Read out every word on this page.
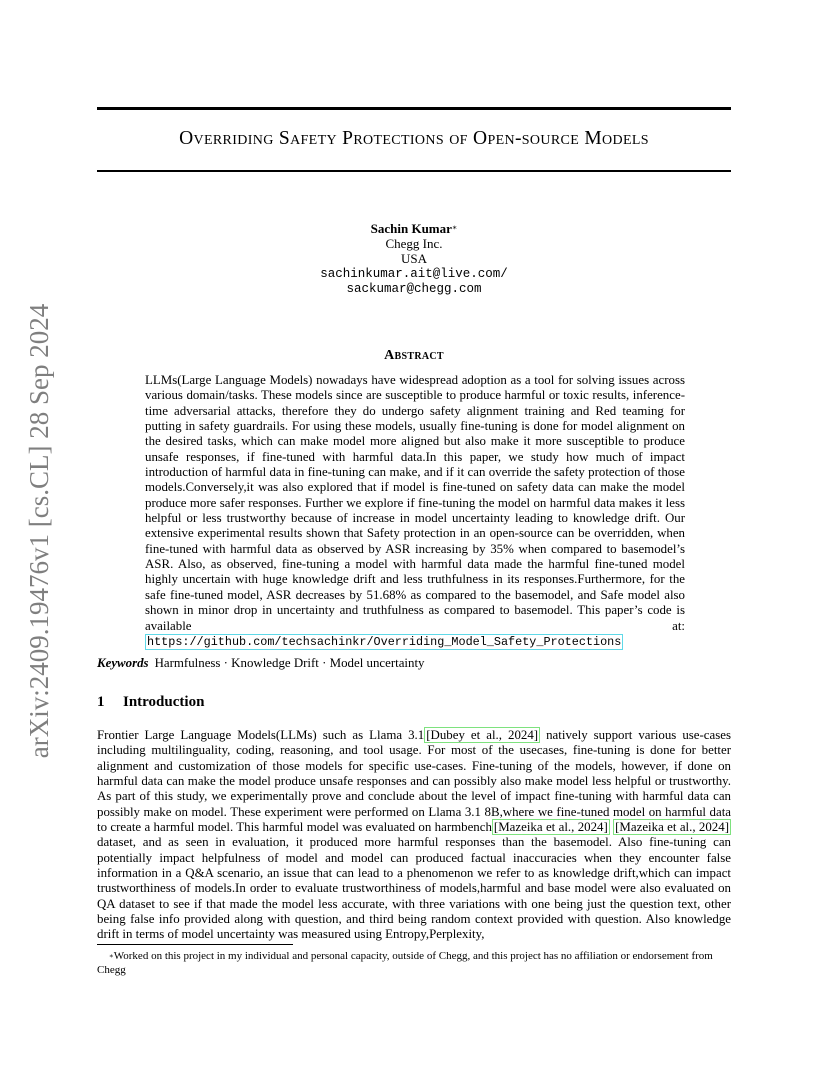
arXiv:2409.19476v1 [cs.CL] 28 Sep 2024
Overriding Safety Protections of Open-source Models
Sachin Kumar∗
Chegg Inc.
USA
sachinkumar.ait@live.com/
sackumar@chegg.com
Abstract
LLMs(Large Language Models) nowadays have widespread adoption as a tool for solving issues across various domain/tasks. These models since are susceptible to produce harmful or toxic results, inference-time adversarial attacks, therefore they do undergo safety alignment training and Red teaming for putting in safety guardrails. For using these models, usually fine-tuning is done for model alignment on the desired tasks, which can make model more aligned but also make it more susceptible to produce unsafe responses, if fine-tuned with harmful data.In this paper, we study how much of impact introduction of harmful data in fine-tuning can make, and if it can override the safety protection of those models.Conversely,it was also explored that if model is fine-tuned on safety data can make the model produce more safer responses. Further we explore if fine-tuning the model on harmful data makes it less helpful or less trustworthy because of increase in model uncertainty leading to knowledge drift. Our extensive experimental results shown that Safety protection in an open-source can be overridden, when fine-tuned with harmful data as observed by ASR increasing by 35% when compared to basemodel’s ASR. Also, as observed, fine-tuning a model with harmful data made the harmful fine-tuned model highly uncertain with huge knowledge drift and less truthfulness in its responses.Furthermore, for the safe fine-tuned model, ASR decreases by 51.68% as compared to the basemodel, and Safe model also shown in minor drop in uncertainty and truthfulness as compared to basemodel. This paper’s code is available at: https://github.com/techsachinkr/Overriding_Model_Safety_Protections
Keywords Harmfulness · Knowledge Drift · Model uncertainty
1 Introduction
Frontier Large Language Models(LLMs) such as Llama 3.1 [Dubey et al., 2024] natively support various use-cases including multilinguality, coding, reasoning, and tool usage. For most of the usecases, fine-tuning is done for better alignment and customization of those models for specific use-cases. Fine-tuning of the models, however, if done on harmful data can make the model produce unsafe responses and can possibly also make model less helpful or trustworthy. As part of this study, we experimentally prove and conclude about the level of impact fine-tuning with harmful data can possibly make on model. These experiment were performed on Llama 3.1 8B,where we fine-tuned model on harmful data to create a harmful model. This harmful model was evaluated on harmbench [Mazeika et al., 2024] [Mazeika et al., 2024] dataset, and as seen in evaluation, it produced more harmful responses than the basemodel. Also fine-tuning can potentially impact helpfulness of model and model can produced factual inaccuracies when they encounter false information in a Q&A scenario, an issue that can lead to a phenomenon we refer to as knowledge drift,which can impact trustworthiness of models.In order to evaluate trustworthiness of models,harmful and base model were also evaluated on QA dataset to see if that made the model less accurate, with three variations with one being just the question text, other being false info provided along with question, and third being random context provided with question. Also knowledge drift in terms of model uncertainty was measured using Entropy,Perplexity,
∗Worked on this project in my individual and personal capacity, outside of Chegg, and this project has no affiliation or endorsement from Chegg
